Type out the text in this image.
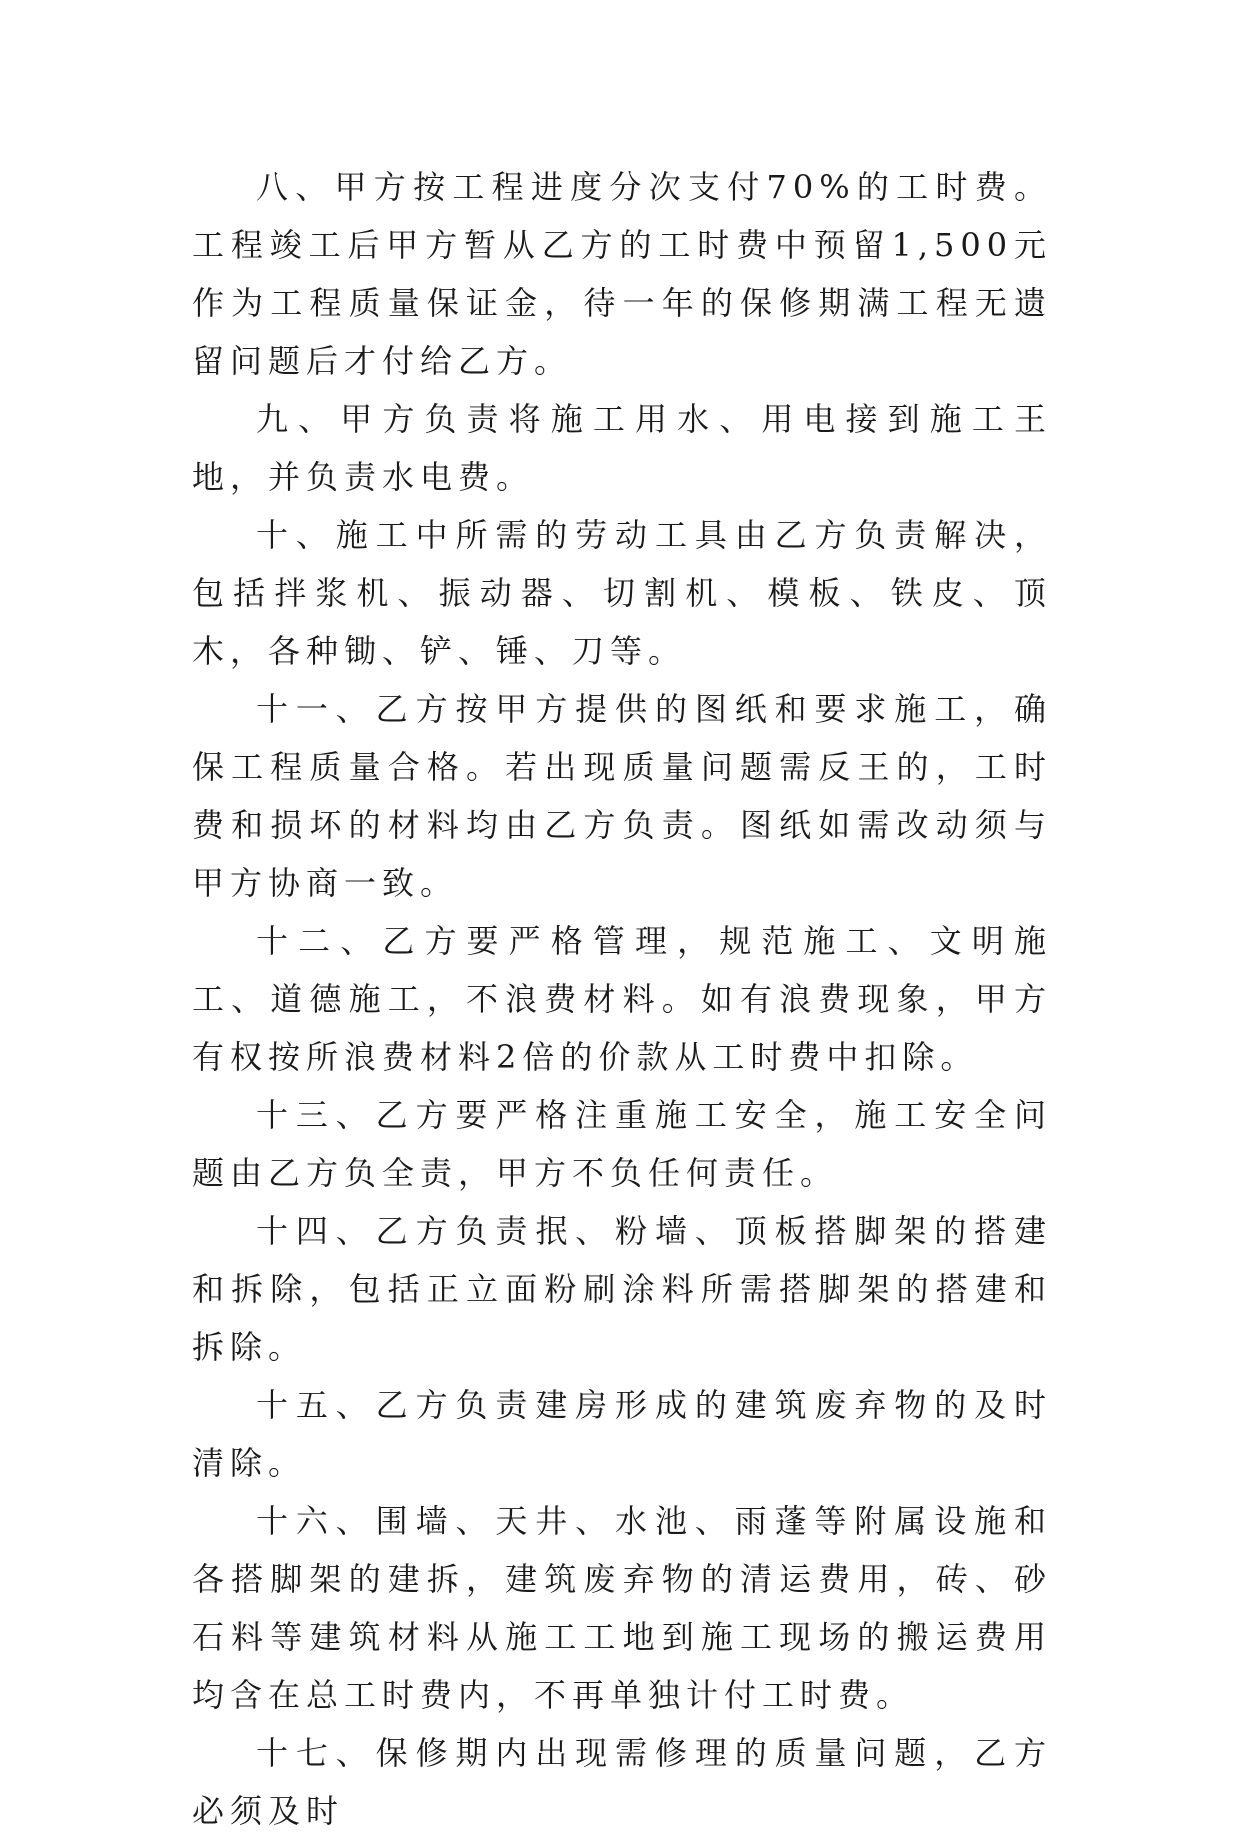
八、甲方按工程进度分次支付70%的工时费。工程竣工后甲方暂从乙方的工时费中预留1,500元作为工程质量保证金，待一年的保修期满工程无遗留问题后才付给乙方。

九、甲方负责将施工用水、用电接到施工王地，并负责水电费。

十、施工中所需的劳动工具由乙方负责解决，包括拌浆机、振动器、切割机、模板、铁皮、顶木，各种锄、铲、锤、刀等。

十一、乙方按甲方提供的图纸和要求施工，确保工程质量合格。若出现质量问题需反王的，工时费和损坏的材料均由乙方负责。图纸如需改动须与甲方协商一致。

十二、乙方要严格管理，规范施工、文明施工、道德施工，不浪费材料。如有浪费现象，甲方有权按所浪费材料2倍的价款从工时费中扣除。

十三、乙方要严格注重施工安全，施工安全问题由乙方负全责，甲方不负任何责任。

十四、乙方负责抿、粉墙、顶板搭脚架的搭建和拆除，包括正立面粉刷涂料所需搭脚架的搭建和拆除。

十五、乙方负责建房形成的建筑废弃物的及时清除。

十六、围墙、天井、水池、雨蓬等附属设施和各搭脚架的建拆，建筑废弃物的清运费用，砖、砂石料等建筑材料从施工工地到施工现场的搬运费用均含在总工时费内，不再单独计付工时费。

十七、保修期内出现需修理的质量问题，乙方必须及时
